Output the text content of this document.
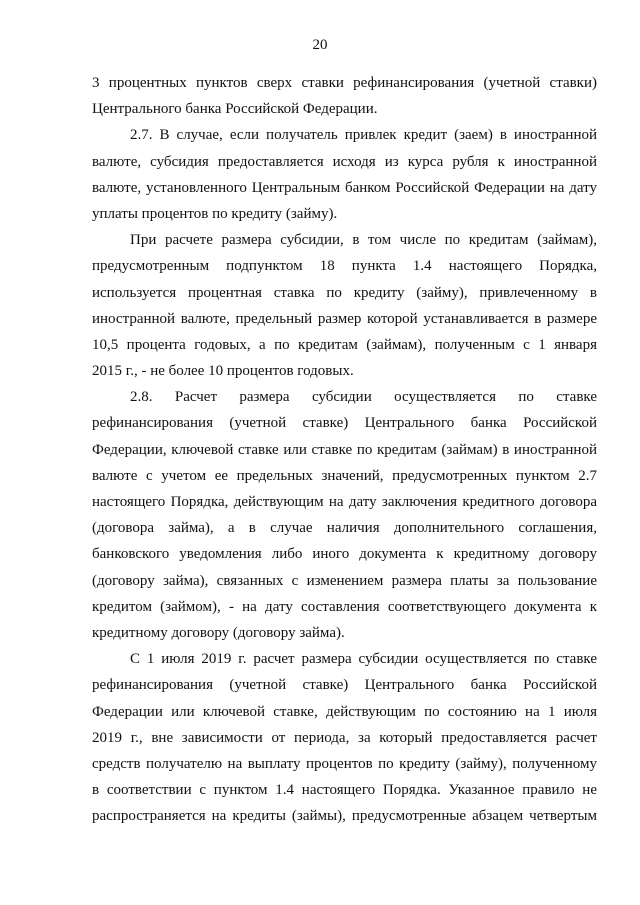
20
3 процентных пунктов сверх ставки рефинансирования (учетной ставки)
Центрального банка Российской Федерации.
2.7. В случае, если получатель привлек кредит (заем) в иностранной
валюте, субсидия предоставляется исходя из курса рубля к иностранной
валюте, установленного Центральным банком Российской Федерации на дату
уплаты процентов по кредиту (займу).
При расчете размера субсидии, в том числе по кредитам (займам),
предусмотренным подпунктом 18 пункта 1.4 настоящего Порядка,
используется процентная ставка по кредиту (займу), привлеченному в
иностранной валюте, предельный размер которой устанавливается в размере
10,5 процента годовых, а по кредитам (займам), полученным с 1 января
2015 г., - не более 10 процентов годовых.
2.8. Расчет размера субсидии осуществляется по ставке
рефинансирования (учетной ставке) Центрального банка Российской
Федерации, ключевой ставке или ставке по кредитам (займам) в иностранной
валюте с учетом ее предельных значений, предусмотренных пунктом 2.7
настоящего Порядка, действующим на дату заключения кредитного договора
(договора займа), а в случае наличия дополнительного соглашения,
банковского уведомления либо иного документа к кредитному договору
(договору займа), связанных с изменением размера платы за пользование
кредитом (займом), - на дату составления соответствующего документа к
кредитному договору (договору займа).
С 1 июля 2019 г. расчет размера субсидии осуществляется по ставке
рефинансирования (учетной ставке) Центрального банка Российской
Федерации или ключевой ставке, действующим по состоянию на 1 июля
2019 г., вне зависимости от периода, за который предоставляется расчет
средств получателю на выплату процентов по кредиту (займу), полученному
в соответствии с пунктом 1.4 настоящего Порядка. Указанное правило не
распространяется на кредиты (займы), предусмотренные абзацем четвертым
